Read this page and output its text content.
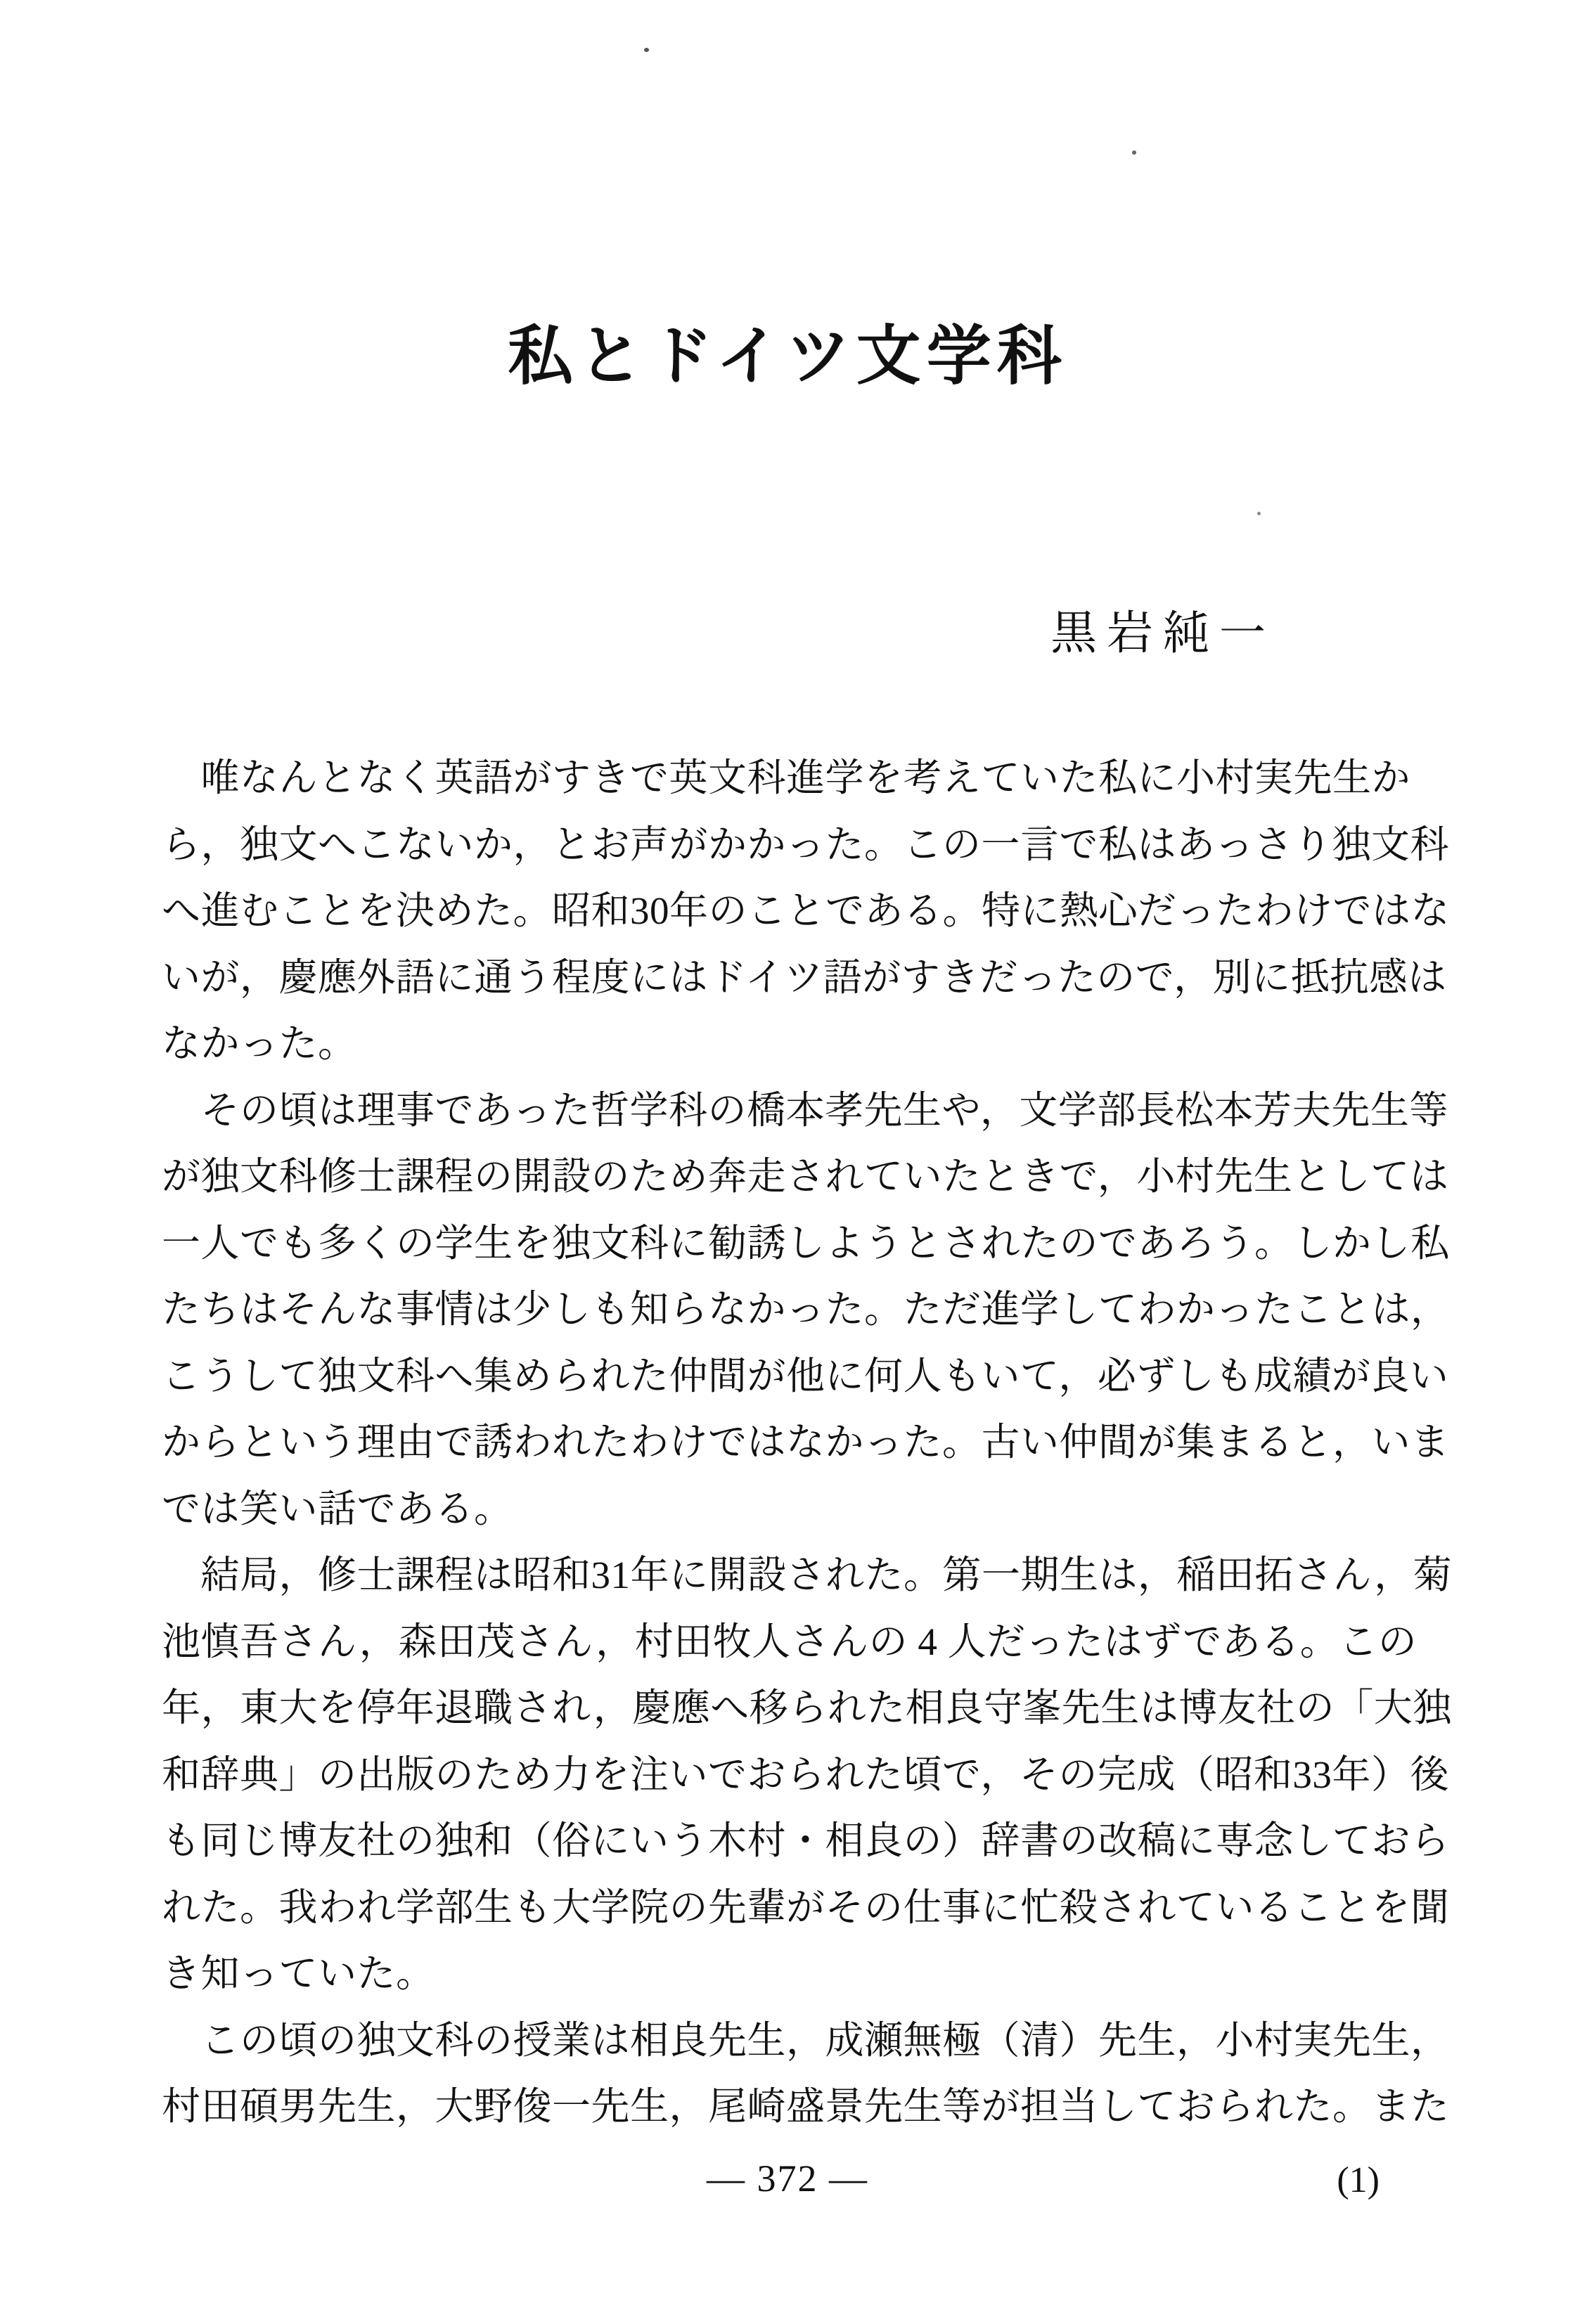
私とドイツ文学科
黒岩純一
　唯なんとなく英語がすきで英文科進学を考えていた私に小村実先生か
ら，独文へこないか，とお声がかかった。この一言で私はあっさり独文科
へ進むことを決めた。昭和30年のことである。特に熱心だったわけではな
いが，慶應外語に通う程度にはドイツ語がすきだったので，別に抵抗感は
なかった。
　その頃は理事であった哲学科の橋本孝先生や，文学部長松本芳夫先生等
が独文科修士課程の開設のため奔走されていたときで，小村先生としては
一人でも多くの学生を独文科に勧誘しようとされたのであろう。しかし私
たちはそんな事情は少しも知らなかった。ただ進学してわかったことは，
こうして独文科へ集められた仲間が他に何人もいて，必ずしも成績が良い
からという理由で誘われたわけではなかった。古い仲間が集まると，いま
では笑い話である。
　結局，修士課程は昭和31年に開設された。第一期生は，稲田拓さん，菊
池慎吾さん，森田茂さん，村田牧人さんの 4 人だったはずである。この
年，東大を停年退職され，慶應へ移られた相良守峯先生は博友社の「大独
和辞典」の出版のため力を注いでおられた頃で，その完成（昭和33年）後
も同じ博友社の独和（俗にいう木村・相良の）辞書の改稿に専念しておら
れた。我われ学部生も大学院の先輩がその仕事に忙殺されていることを聞
き知っていた。
　この頃の独文科の授業は相良先生，成瀬無極（清）先生，小村実先生，
村田碩男先生，大野俊一先生，尾崎盛景先生等が担当しておられた。また
— 372 —	(1)
